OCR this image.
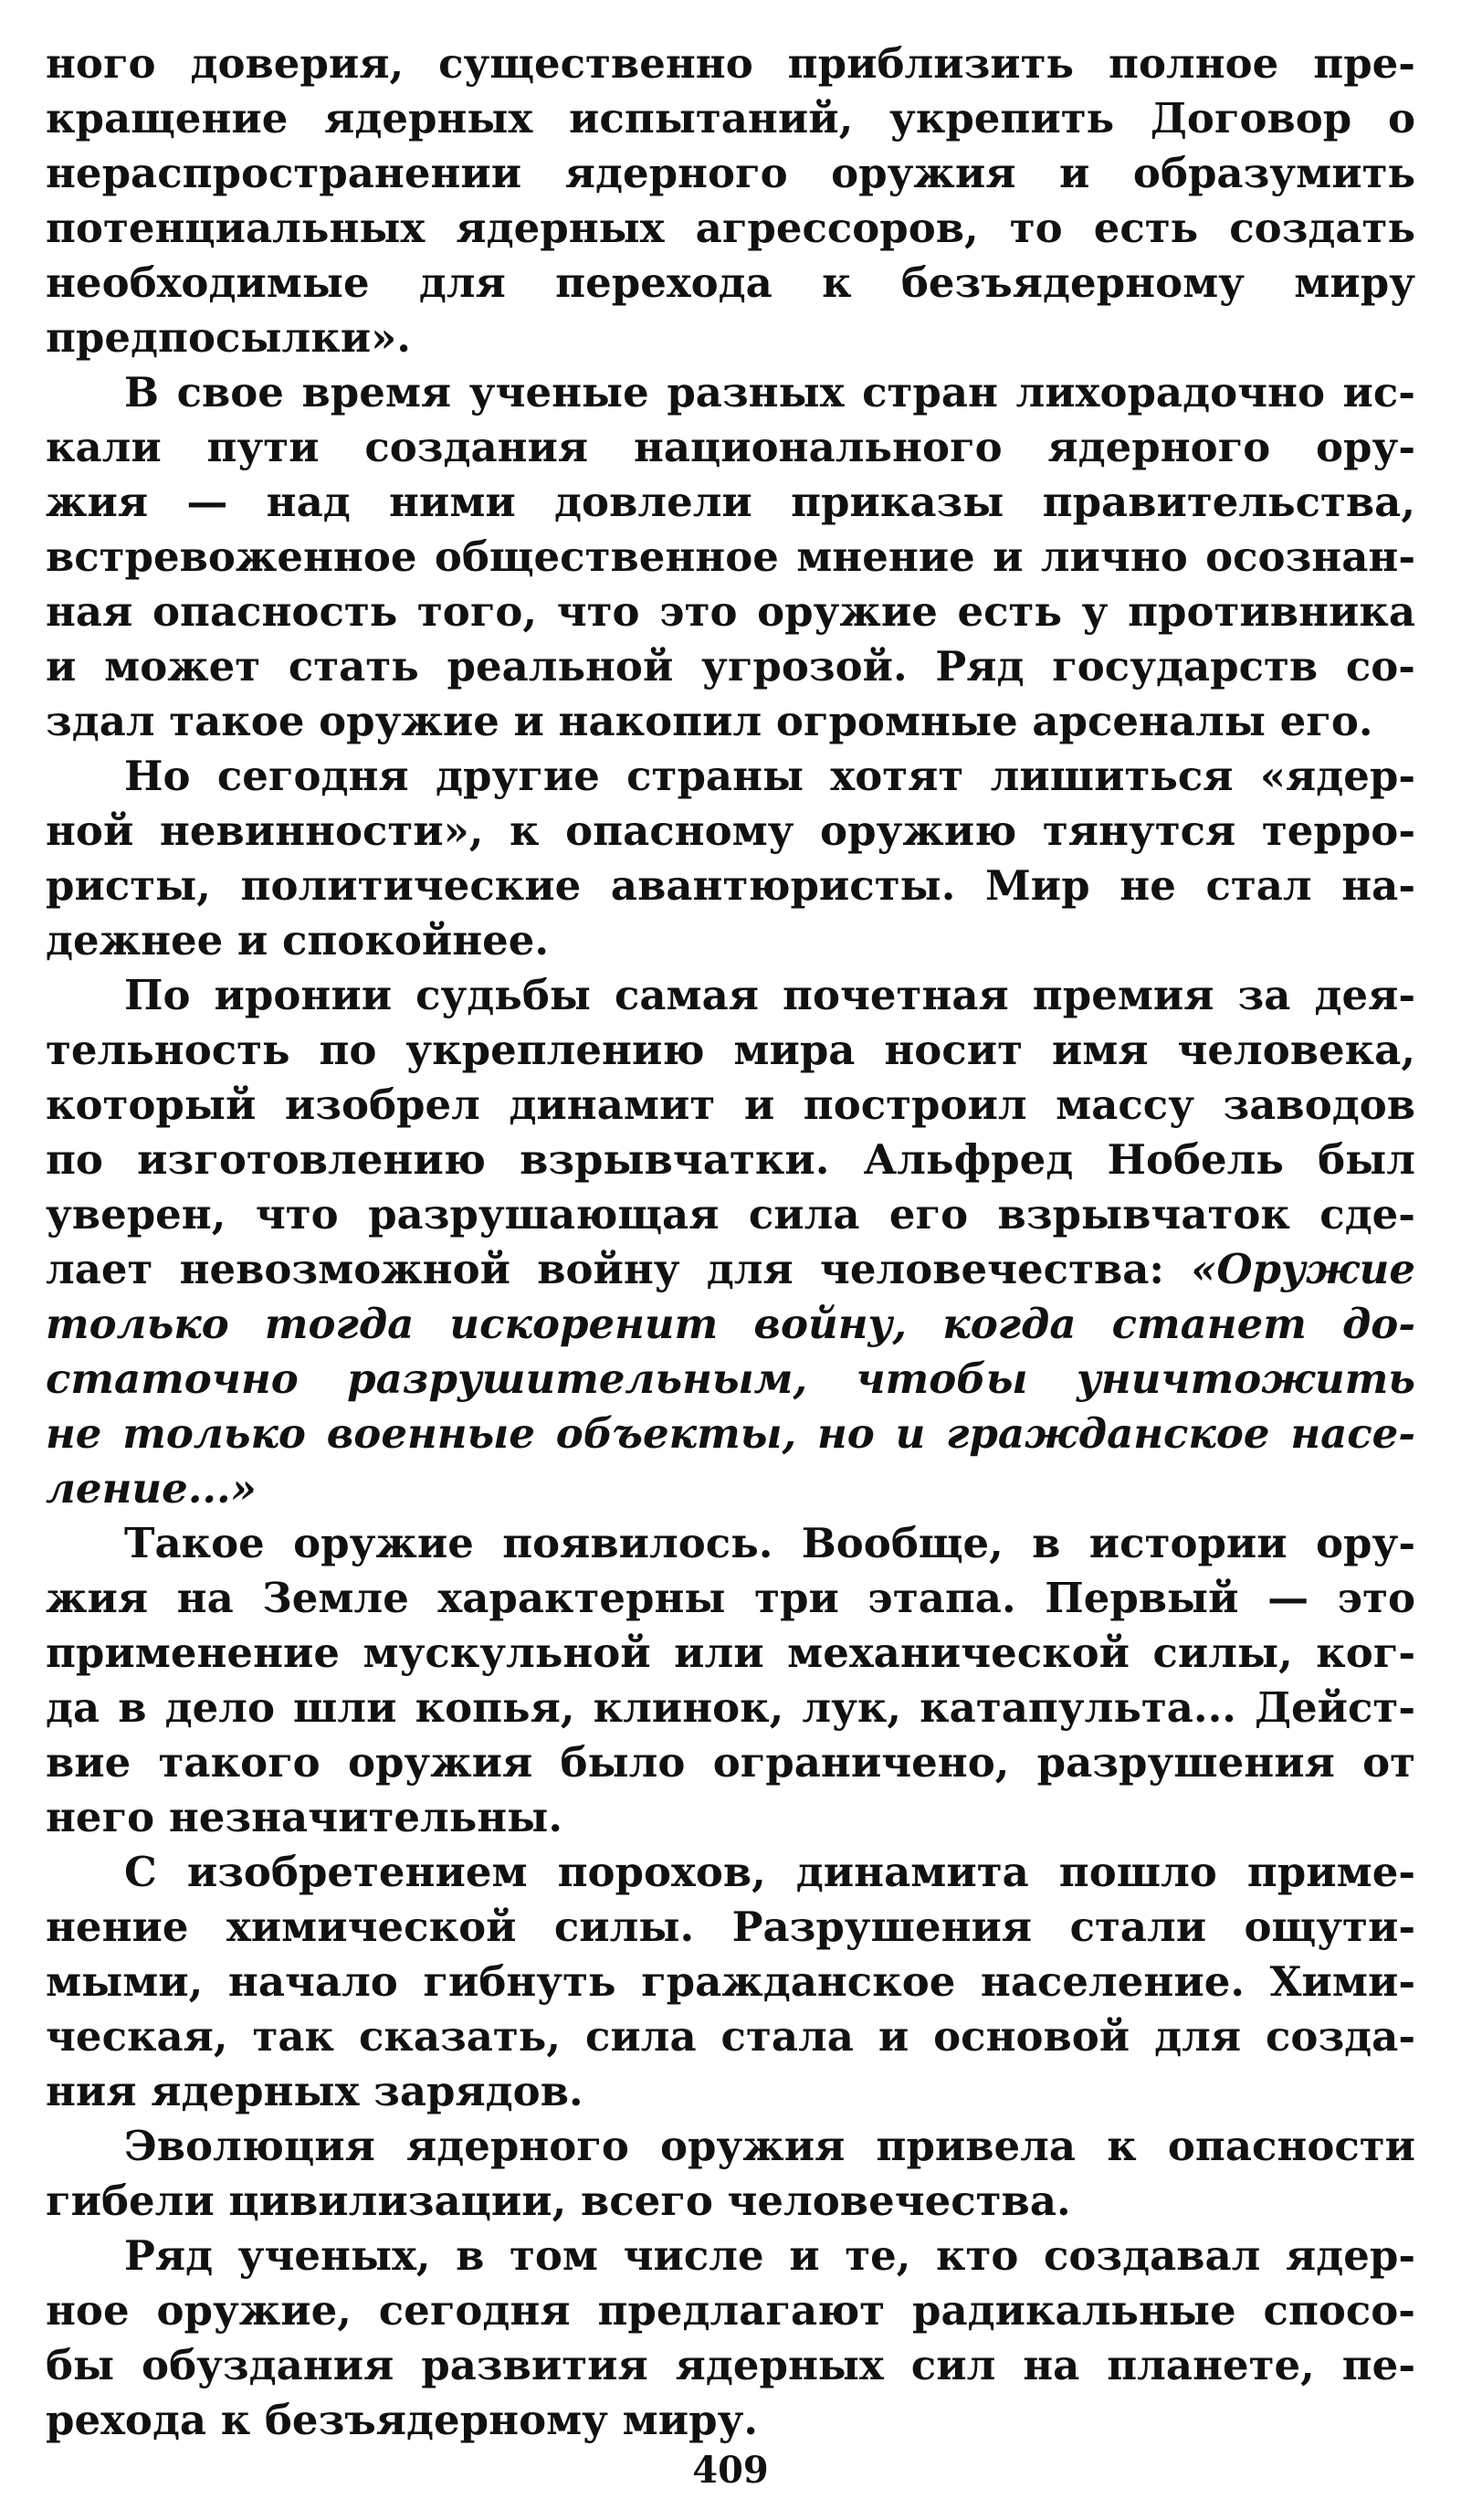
ного доверия, существенно приблизить полное пре-
кращение ядерных испытаний, укрепить Договор о
нераспространении ядерного оружия и образумить
потенциальных ядерных агрессоров, то есть создать
необходимые для перехода к безъядерному миру
предпосылки».
В свое время ученые разных стран лихорадочно ис-
кали пути создания национального ядерного ору-
жия — над ними довлели приказы правительства,
встревоженное общественное мнение и лично осознан-
ная опасность того, что это оружие есть у противника
и может стать реальной угрозой. Ряд государств со-
здал такое оружие и накопил огромные арсеналы его.
Но сегодня другие страны хотят лишиться «ядер-
ной невинности», к опасному оружию тянутся терро-
ристы, политические авантюристы. Мир не стал на-
дежнее и спокойнее.
По иронии судьбы самая почетная премия за дея-
тельность по укреплению мира носит имя человека,
который изобрел динамит и построил массу заводов
по изготовлению взрывчатки. Альфред Нобель был
уверен, что разрушающая сила его взрывчаток сде-
лает невозможной войну для человечества: «Оружие
только тогда искоренит войну, когда станет до-
статочно разрушительным, чтобы уничтожить
не только военные объекты, но и гражданское насе-
ление...»
Такое оружие появилось. Вообще, в истории ору-
жия на Земле характерны три этапа. Первый — это
применение мускульной или механической силы, ког-
да в дело шли копья, клинок, лук, катапульта... Дейст-
вие такого оружия было ограничено, разрушения от
него незначительны.
С изобретением порохов, динамита пошло приме-
нение химической силы. Разрушения стали ощути-
мыми, начало гибнуть гражданское население. Хими-
ческая, так сказать, сила стала и основой для созда-
ния ядерных зарядов.
Эволюция ядерного оружия привела к опасности
гибели цивилизации, всего человечества.
Ряд ученых, в том числе и те, кто создавал ядер-
ное оружие, сегодня предлагают радикальные спосо-
бы обуздания развития ядерных сил на планете, пе-
рехода к безъядерному миру.
409
